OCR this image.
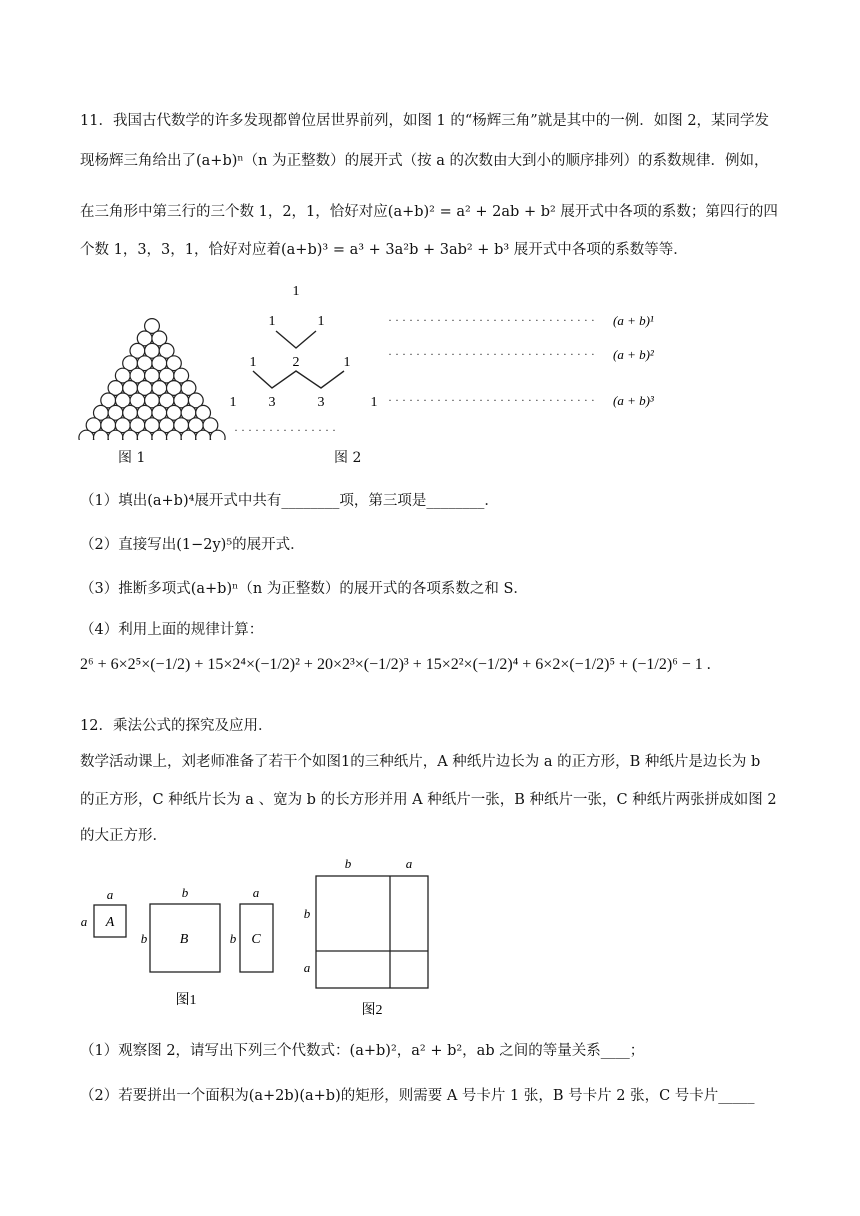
11．我国古代数学的许多发现都曾位居世界前列，如图 1 的“杨辉三角”就是其中的一例．如图 2，某同学发
现杨辉三角给出了(a+b)ⁿ（n 为正整数）的展开式（按 a 的次数由大到小的顺序排列）的系数规律．例如，
在三角形中第三行的三个数 1，2，1，恰好对应(a+b)² = a² + 2ab + b² 展开式中各项的系数；第四行的四
个数 1，3，3，1，恰好对应着(a+b)³ = a³ + 3a²b + 3ab² + b³ 展开式中各项的系数等等．
图 1
1
1	1
1	2	1
1 3	3	1
· · · · · · · · · · · · · · · · · · · · · · · · · · · · · ·
· · · · · · · · · · · · · · · · · · · · · · · · · · · · · ·
· · · · · · · · · · · · · · · · · · · · · · · · · · · · · ·
(a + b)¹
(a + b)²
(a + b)³
· · · · · · · · · · · · · · ·
图 2
（1）填出(a+b)⁴展开式中共有________项，第三项是________．
（2）直接写出(1−2y)⁵的展开式．
（3）推断多项式(a+b)ⁿ（n 为正整数）的展开式的各项系数之和 S．
（4）利用上面的规律计算：
2⁶ + 6×2⁵×(−1/2) + 15×2⁴×(−1/2)² + 20×2³×(−1/2)³ + 15×2²×(−1/2)⁴ + 6×2×(−1/2)⁵ + (−1/2)⁶ − 1 .
12．乘法公式的探究及应用．
数学活动课上，刘老师准备了若干个如图1的三种纸片，A 种纸片边长为 a 的正方形，B 种纸片是边长为 b
的正方形，C 种纸片长为 a 、宽为 b 的长方形并用 A 种纸片一张，B 种纸片一张，C 种纸片两张拼成如图 2
的大正方形．
A
a
a
B
b
b	C
a
b
图1
b	a
b
a
图2
（1）观察图 2，请写出下列三个代数式：(a+b)²，a² + b²，ab 之间的等量关系____；
（2）若要拼出一个面积为(a+2b)(a+b)的矩形，则需要 A 号卡片 1 张，B 号卡片 2 张，C 号卡片_____
